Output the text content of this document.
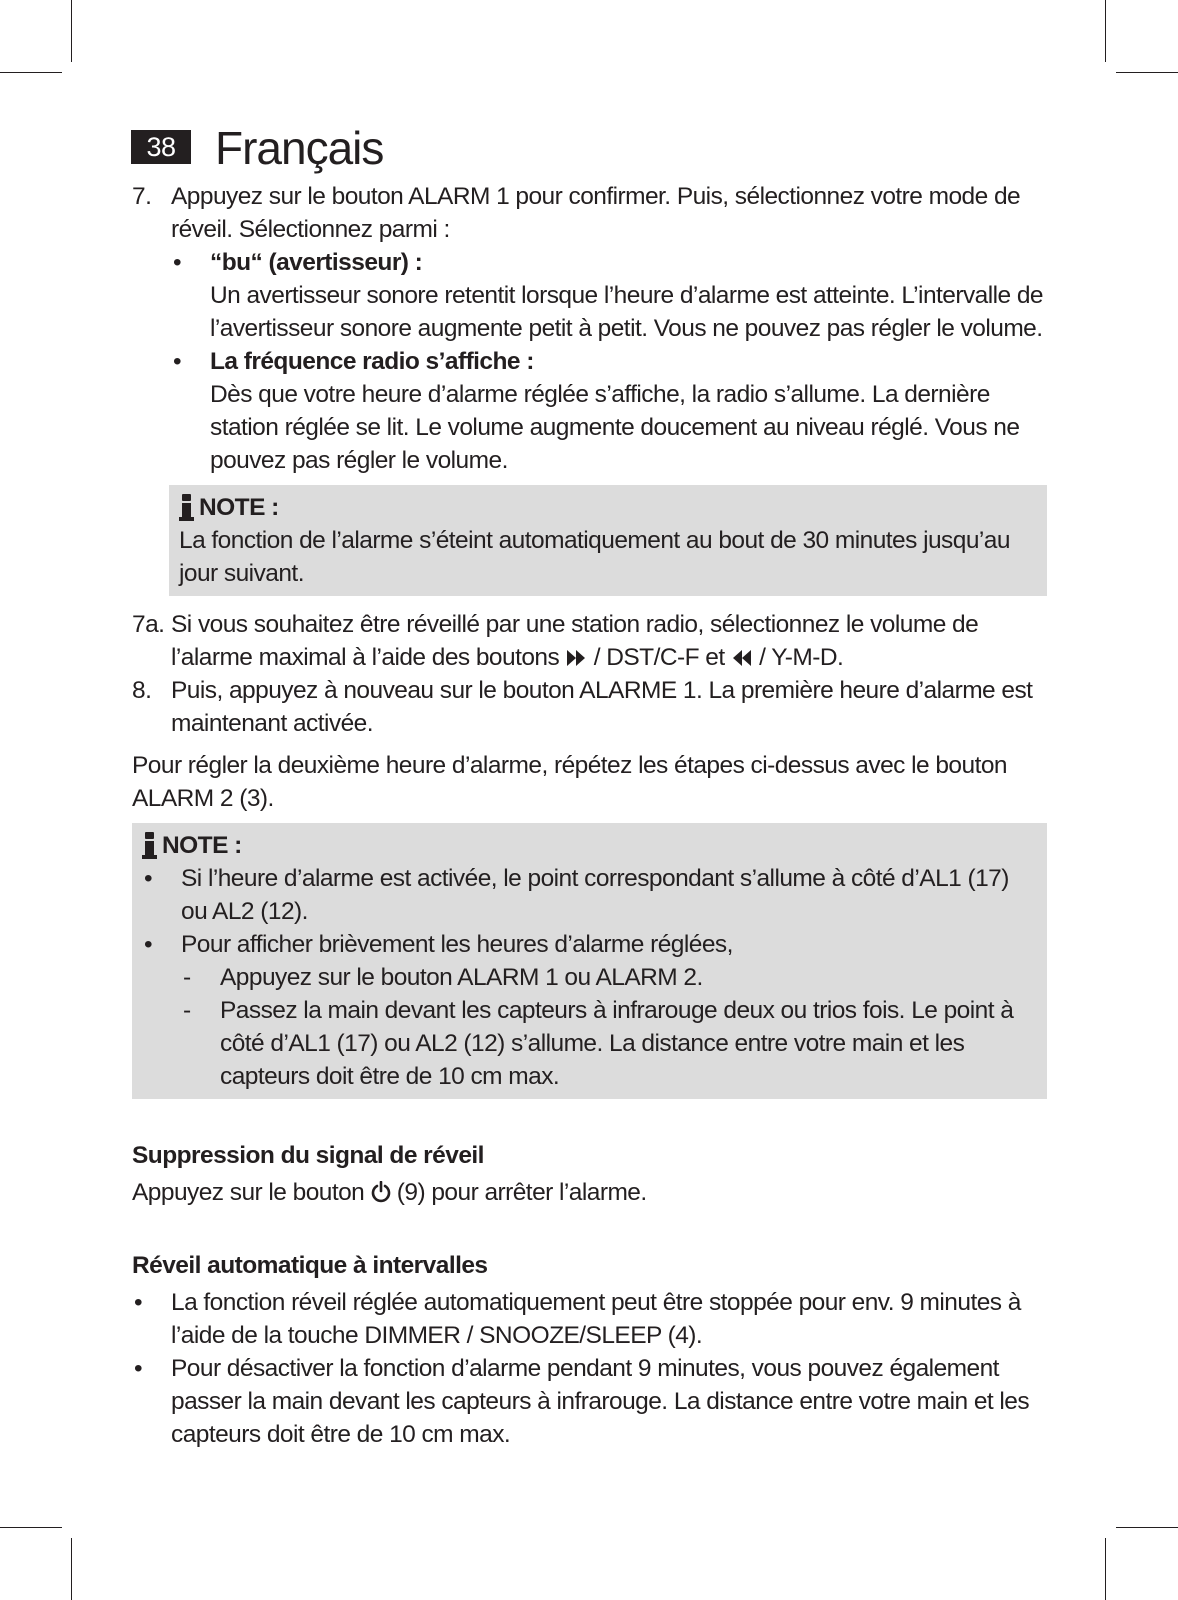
38 Français
7. Appuyez sur le bouton ALARM 1 pour confirmer. Puis, sélectionnez votre mode de réveil. Sélectionnez parmi :
• “bu“ (avertisseur) :
Un avertisseur sonore retentit lorsque l’heure d’alarme est atteinte. L’intervalle de l’avertisseur sonore augmente petit à petit. Vous ne pouvez pas régler le volume.
• La fréquence radio s’affiche :
Dès que votre heure d’alarme réglée s’affiche, la radio s’allume. La dernière station réglée se lit. Le volume augmente doucement au niveau réglé. Vous ne pouvez pas régler le volume.
NOTE :
La fonction de l’alarme s’éteint automatiquement au bout de 30 minutes jusqu’au jour suivant.
7a. Si vous souhaitez être réveillé par une station radio, sélectionnez le volume de l’alarme maximal à l’aide des boutons / DST/C-F et / Y-M-D.
8. Puis, appuyez à nouveau sur le bouton ALARME 1. La première heure d’alarme est maintenant activée.
Pour régler la deuxième heure d’alarme, répétez les étapes ci-dessus avec le bouton ALARM 2 (3).
NOTE :
• Si l’heure d’alarme est activée, le point correspondant s’allume à côté d’AL1 (17) ou AL2 (12).
• Pour afficher brièvement les heures d’alarme réglées,
- Appuyez sur le bouton ALARM 1 ou ALARM 2.
- Passez la main devant les capteurs à infrarouge deux ou trios fois. Le point à côté d’AL1 (17) ou AL2 (12) s’allume. La distance entre votre main et les capteurs doit être de 10 cm max.
Suppression du signal de réveil
Appuyez sur le bouton (9) pour arrêter l’alarme.
Réveil automatique à intervalles
• La fonction réveil réglée automatiquement peut être stoppée pour env. 9 minutes à l’aide de la touche DIMMER / SNOOZE/SLEEP (4).
• Pour désactiver la fonction d’alarme pendant 9 minutes, vous pouvez également passer la main devant les capteurs à infrarouge. La distance entre votre main et les capteurs doit être de 10 cm max.
